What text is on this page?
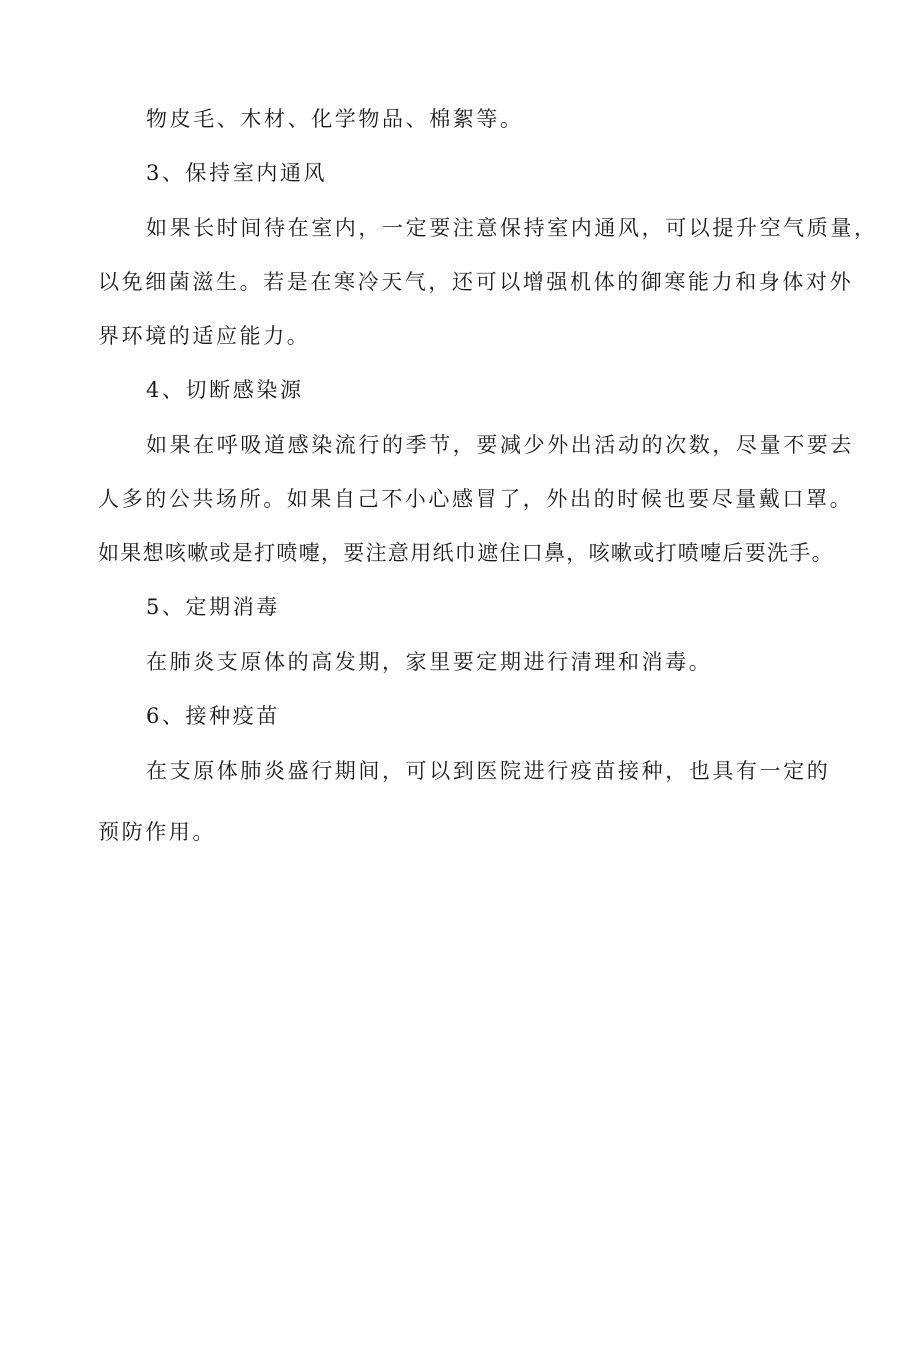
物皮毛、木材、化学物品、棉絮等。
3、保持室内通风
如果长时间待在室内，一定要注意保持室内通风，可以提升空气质量，
以免细菌滋生。若是在寒冷天气，还可以增强机体的御寒能力和身体对外
界环境的适应能力。
4、切断感染源
如果在呼吸道感染流行的季节，要减少外出活动的次数，尽量不要去
人多的公共场所。如果自己不小心感冒了，外出的时候也要尽量戴口罩。
如果想咳嗽或是打喷嚏，要注意用纸巾遮住口鼻，咳嗽或打喷嚏后要洗手。
5、定期消毒
在肺炎支原体的高发期，家里要定期进行清理和消毒。
6、接种疫苗
在支原体肺炎盛行期间，可以到医院进行疫苗接种，也具有一定的
预防作用。
